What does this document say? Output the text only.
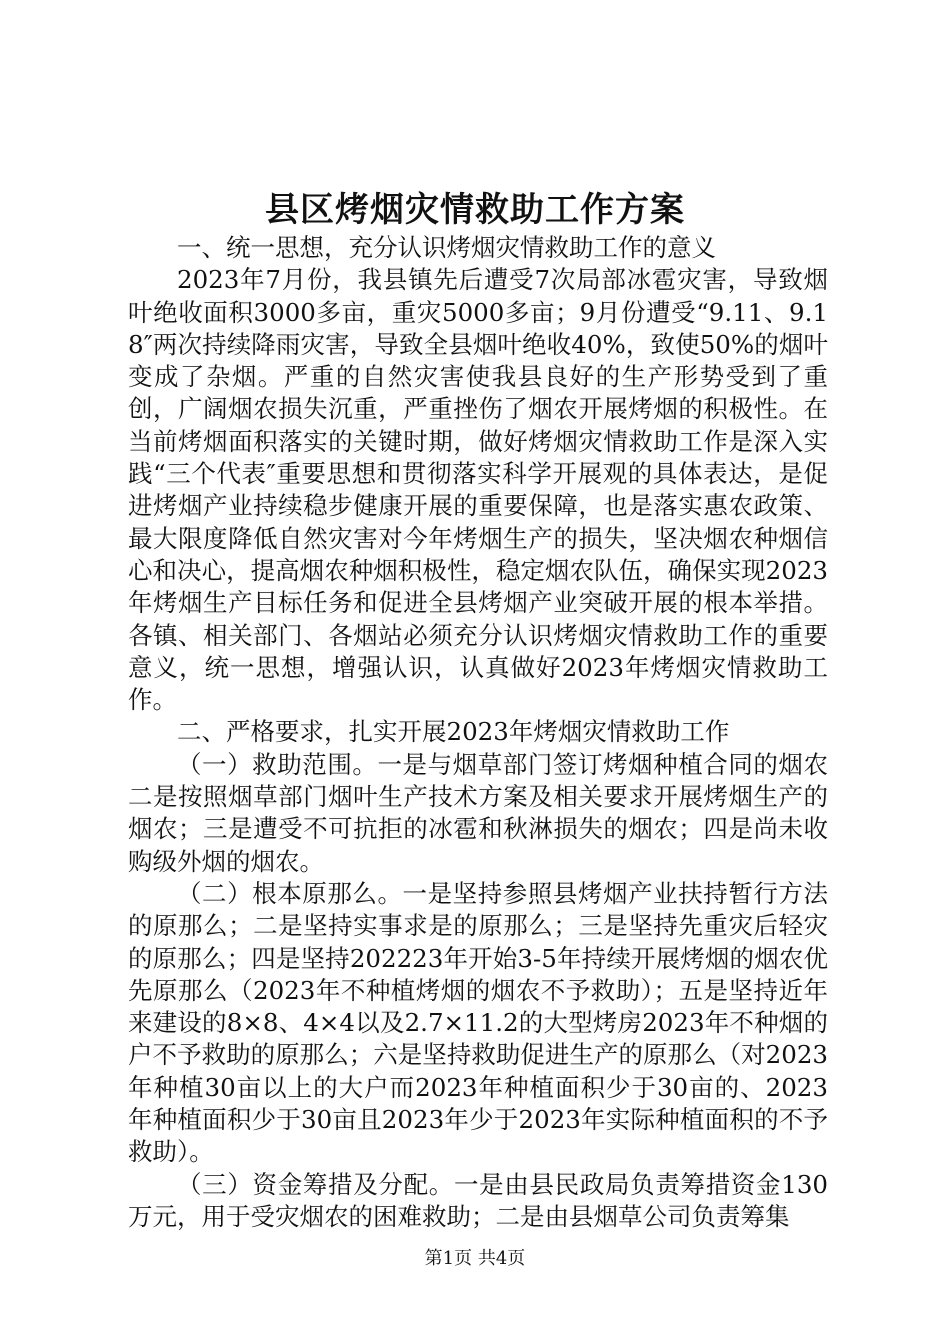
县区烤烟灾情救助工作方案

一、统一思想，充分认识烤烟灾情救助工作的意义

2023年7月份，我县镇先后遭受7次局部冰雹灾害，导致烟叶绝收面积3000多亩，重灾5000多亩；9月份遭受“9.11、9.18″两次持续降雨灾害，导致全县烟叶绝收40%，致使50%的烟叶变成了杂烟。严重的自然灾害使我县良好的生产形势受到了重创，广阔烟农损失沉重，严重挫伤了烟农开展烤烟的积极性。在当前烤烟面积落实的关键时期，做好烤烟灾情救助工作是深入实践“三个代表″重要思想和贯彻落实科学开展观的具体表达，是促进烤烟产业持续稳步健康开展的重要保障，也是落实惠农政策、最大限度降低自然灾害对今年烤烟生产的损失，坚决烟农种烟信心和决心，提高烟农种烟积极性，稳定烟农队伍，确保实现2023年烤烟生产目标任务和促进全县烤烟产业突破开展的根本举措。各镇、相关部门、各烟站必须充分认识烤烟灾情救助工作的重要意义，统一思想，增强认识，认真做好2023年烤烟灾情救助工作。

二、严格要求，扎实开展2023年烤烟灾情救助工作

（一）救助范围。一是与烟草部门签订烤烟种植合同的烟农二是按照烟草部门烟叶生产技术方案及相关要求开展烤烟生产的烟农；三是遭受不可抗拒的冰雹和秋淋损失的烟农；四是尚未收购级外烟的烟农。

（二）根本原那么。一是坚持参照县烤烟产业扶持暂行方法的原那么；二是坚持实事求是的原那么；三是坚持先重灾后轻灾的原那么；四是坚持202223年开始3-5年持续开展烤烟的烟农优先原那么（2023年不种植烤烟的烟农不予救助）；五是坚持近年来建设的8×8、4×4以及2.7×11.2的大型烤房2023年不种烟的户不予救助的原那么；六是坚持救助促进生产的原那么（对2023年种植30亩以上的大户而2023年种植面积少于30亩的、2023年种植面积少于30亩且2023年少于2023年实际种植面积的不予救助）。

（三）资金筹措及分配。一是由县民政局负责筹措资金130万元，用于受灾烟农的困难救助；二是由县烟草公司负责筹集

第1页 共4页
